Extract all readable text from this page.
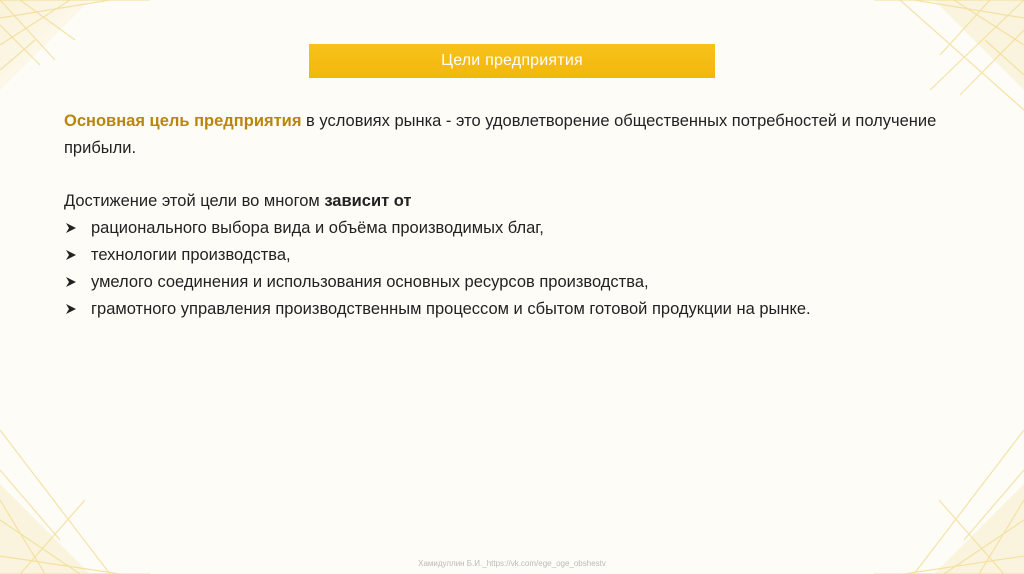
Цели предприятия

Основная цель предприятия в условиях рынка - это удовлетворение общественных потребностей и получение прибыли.

Достижение этой цели во многом зависит от

рационального выбора вида и объёма производимых благ,
технологии производства,
умелого соединения и использования основных ресурсов производства,
грамотного управления производственным процессом и сбытом готовой продукции на рынке.
Хамидуллин Б.И._https://vk.com/ege_oge_obshestv
